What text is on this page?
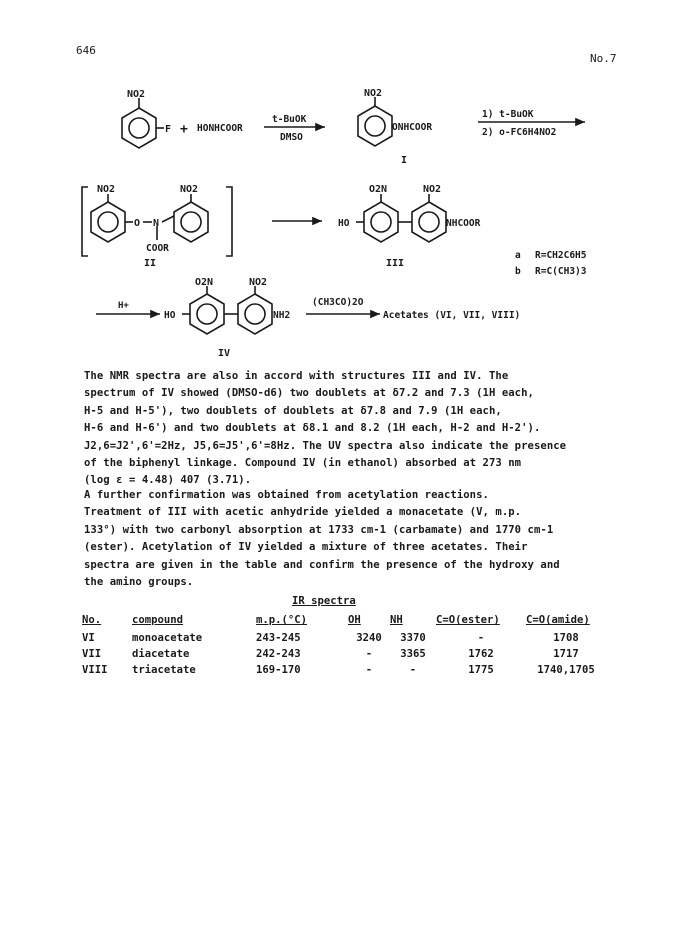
646
No.7
NO2
F + HONHCOOR
t-BuOK
DMSO
NO2
ONHCOOR
I
1) t-BuOK
2) o-FC6H4NO2
NO2	NO2
O N
COOR
II
O2N	NO2
HO	NHCOOR
III
a R=CH2C6H5
b R=C(CH3)3
H+
O2N	NO2
HO	NH2
IV
(CH3CO)2O
Acetates (VI, VII, VIII)
The NMR spectra are also in accord with structures III and IV. The
spectrum of IV showed (DMSO-d6) two doublets at δ7.2 and 7.3 (1H each,
H-5 and H-5'), two doublets of doublets at δ7.8 and 7.9 (1H each,
H-6 and H-6') and two doublets at δ8.1 and 8.2 (1H each, H-2 and H-2').
J2,6=J2',6'=2Hz, J5,6=J5',6'=8Hz. The UV spectra also indicate the presence
of the biphenyl linkage. Compound IV (in ethanol) absorbed at 273 nm
(log ε = 4.48) 407 (3.71).
A further confirmation was obtained from acetylation reactions.
Treatment of III with acetic anhydride yielded a monacetate (V, m.p.
133°) with two carbonyl absorption at 1733 cm-1 (carbamate) and 1770 cm-1
(ester). Acetylation of IV yielded a mixture of three acetates. Their
spectra are given in the table and confirm the presence of the hydroxy and
the amino groups.
IR spectra
No.	compound	m.p.(°C)	OH	NH	C=O(ester)	C=O(amide)
VI	monoacetate	243-245	3240	3370	-	1708
VII	diacetate	242-243	-	3365	1762	1717
VIII	triacetate	169-170	-	-	1775	1740,1705
